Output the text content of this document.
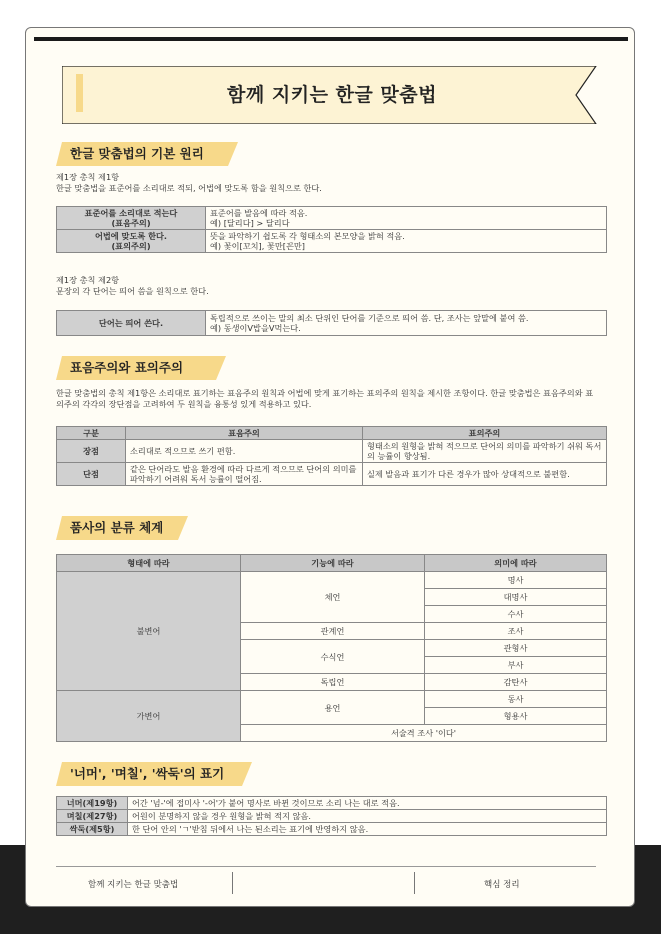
함께 지키는 한글 맞춤법
한글 맞춤법의 기본 원리
제1장 총칙 제1항
한글 맞춤법을 표준어를 소리대로 적되, 어법에 맞도록 함을 원칙으로 한다.
표준어를 소리대로 적는다
(표음주의)	표준어를 발음에 따라 적음.
예) [달리다] > 달리다
어법에 맞도록 한다.
(표의주의)	뜻을 파악하기 쉽도록 각 형태소의 본모양을 밝혀 적음.
예) 꽃이[꼬치], 꽃만[꼰만]
제1장 총칙 제2항
문장의 각 단어는 띄어 씀을 원칙으로 한다.
단어는 띄어 쓴다.	독립적으로 쓰이는 말의 최소 단위인 단어를 기준으로 띄어 씀. 단, 조사는 앞말에 붙여 씀.
예) 동생이V밥을V먹는다.
표음주의와 표의주의
한글 맞춤법의 총칙 제1항은 소리대로 표기하는 표음주의 원칙과 어법에 맞게 표기하는 표의주의 원칙을 제시한 조항이다. 한글 맞춤법은 표음주의와 표의주의 각각의 장단점을 고려하여 두 원칙을 융통성 있게 적용하고 있다.
구분	표음주의	표의주의
장점	소리대로 적으므로 쓰기 편함.	형태소의 원형을 밝혀 적으므로 단어의 의미를 파악하기 쉬워 독서의 능률이 향상됨.
단점	같은 단어라도 발음 환경에 따라 다르게 적으므로 단어의 의미를 파악하기 어려워 독서 능률이 떨어짐.	실제 발음과 표기가 다른 경우가 많아 상대적으로 불편함.
품사의 분류 체계
형태에 따라	기능에 따라	의미에 따라
불변어	체언	명사
		대명사
		수사
	관계언	조사
	수식언	관형사
		부사
	독립언	감탄사
가변어	용언	동사
		형용사
	서술격 조사 '이다'	
'너머', '며칠', '싹둑'의 표기
너머(제19항)	어간 '넘-'에 접미사 '-어'가 붙어 명사로 바뀐 것이므로 소리 나는 대로 적음.
며칠(제27항)	어원이 분명하지 않을 경우 원형을 밝혀 적지 않음.
싹둑(제5항)	한 단어 안의 'ㄱ'받침 뒤에서 나는 된소리는 표기에 반영하지 않음.
함께 지키는 한글 맞춤법	핵심 정리
